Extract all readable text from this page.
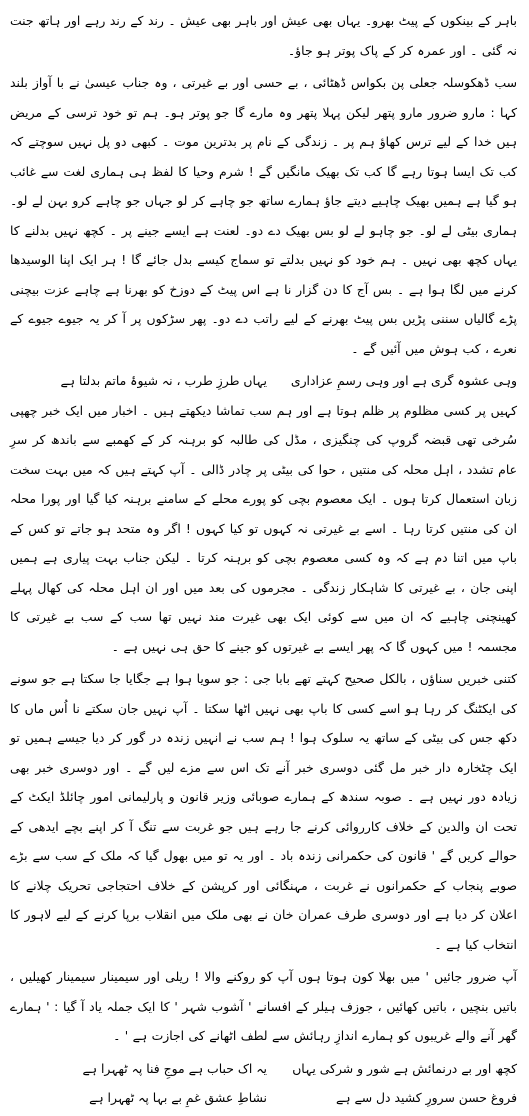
باہر کے بینکوں کے پیٹ بھرو۔ یہاں بھی عیش اور باہر بھی عیش ۔ رند کے رند رہے اور ہاتھ جنت نہ گئی ۔ اور عمرہ کر کے پاک پوتر ہو جاؤ۔

سب ڈھکوسلہ جعلی پن بکواس ڈھٹائی ، بے حسی اور بے غیرتی ، وہ جناب عیسیٰ نے با آواز بلند کہا : مارو ضرور مارو پتھر لیکن پہلا پتھر وہ مارے گا جو پوتر ہو۔ ہم تو خود ترسی کے مریض ہیں خدا کے لیے ترس کھاؤ ہم پر ۔ زندگی کے نام پر بدترین موت ۔ کبھی دو پل نہیں سوچتے کہ کب تک ایسا ہوتا رہے گا کب تک بھیک مانگیں گے ! شرم وحیا کا لفظ ہی ہماری لغت سے غائب ہو گیا ہے ہمیں بھیک چاہیے دیتے جاؤ ہمارے ساتھ جو چاہے کر لو جہاں جو چاہے کرو بہن لے لو۔ ہماری بیٹی لے لو۔ جو چاہو لے لو بس بھیک دے دو۔ لعنت ہے ایسے جینے پر ۔ کچھ نہیں بدلنے کا یہاں کچھ بھی نہیں ۔ ہم خود کو نہیں بدلتے تو سماج کیسے بدل جائے گا ! ہر ایک اپنا الوسیدھا کرنے میں لگا ہوا ہے ۔ بس آج کا دن گزار نا ہے اس پیٹ کے دوزخ کو بھرنا ہے چاہے عزت بیچنی پڑے گالیاں سننی پڑیں بس پیٹ بھرنے کے لیے راتب دے دو۔ پھر سڑکوں پر آ کر یہ جیوے جیوے کے نعرے ، کب ہوش میں آئیں گے ۔

وہی عشوہ گری ہے اور وہی رسمِ عزاداری
یہاں طرزِ طرب ، نہ شیوۂ ماتم بدلتا ہے

کہیں پر کسی مظلوم پر ظلم ہوتا ہے اور ہم سب تماشا دیکھتے ہیں ۔ اخبار میں ایک خبر چھپی سُرخی تھی قبضہ گروپ کی چنگیزی ، مڈل کی طالبہ کو برہنہ کر کے کھمبے سے باندھ کر سرِ عام تشدد ، اہل محلہ کی منتیں ، حوا کی بیٹی پر چادر ڈالی ۔ آپ کہتے ہیں کہ میں بہت سخت زبان استعمال کرتا ہوں ۔ ایک معصوم بچی کو پورے محلے کے سامنے برہنہ کیا گیا اور پورا محلہ ان کی منتیں کرتا رہا ۔ اسے بے غیرتی نہ کہوں تو کیا کہوں ! اگر وہ متحد ہو جاتے تو کس کے باپ میں اتنا دم ہے کہ وہ کسی معصوم بچی کو برہنہ کرتا ۔ لیکن جناب بہت پیاری ہے ہمیں اپنی جان ، بے غیرتی کا شاہکار زندگی ۔ مجرموں کی بعد میں اور ان اہل محلہ کی کھال پہلے کھینچنی چاہیے کہ ان میں سے کوئی ایک بھی غیرت مند نہیں تھا سب کے سب بے غیرتی کا مجسمہ ! میں کہوں گا کہ پھر ایسے بے غیرتوں کو جینے کا حق ہی نہیں ہے ۔

کتنی خبریں سناؤں ، بالکل صحیح کہتے تھے بابا جی : جو سویا ہوا ہے جگایا جا سکتا ہے جو سونے کی ایکٹنگ کر رہا ہو اسے کسی کا باپ بھی نہیں اٹھا سکتا ۔ آپ نہیں جان سکتے نا اُس ماں کا دکھ جس کی بیٹی کے ساتھ یہ سلوک ہوا ! ہم سب نے انہیں زندہ در گور کر دیا جیسے ہمیں تو ایک چٹخارہ دار خبر مل گئی دوسری خبر آنے تک اس سے مزے لیں گے ۔ اور دوسری خبر بھی زیادہ دور نہیں ہے ۔ صوبہ سندھ کے ہمارے صوبائی وزیر قانون و پارلیمانی امور چائلڈ ایکٹ کے تحت ان والدین کے خلاف کارروائی کرنے جا رہے ہیں جو غربت سے تنگ آ کر اپنے بچے ایدھی کے حوالے کریں گے ' قانون کی حکمرانی زندہ باد ۔ اور یہ تو میں بھول گیا کہ ملک کے سب سے بڑے صوبے پنجاب کے حکمرانوں نے غربت ، مہنگائی اور کرپشن کے خلاف احتجاجی تحریک چلانے کا اعلان کر دیا ہے اور دوسری طرف عمران خان نے بھی ملک میں انقلاب برپا کرنے کے لیے لاہور کا انتخاب کیا ہے ۔

آپ ضرور جائیں ' میں بھلا کون ہوتا ہوں آپ کو روکنے والا ! ریلی اور سیمینار سیمینار کھیلیں ، باتیں بنچیں ، باتیں کھائیں ، جوزف ہیلر کے افسانے ' آشوب شہر ' کا ایک جملہ یاد آ گیا : ' ہمارے گھر آنے والے غریبوں کو ہمارے اندازِ رہائش سے لطف اٹھانے کی اجازت ہے ' ۔

کچھ اور بے درنمائش ہے شور و شرکی یہاں
یہ اک حباب ہے موجِ فنا پہ ٹھہرا ہے
فروغ حسن سرورِ کشید دل سے ہے
نشاطِ عشق غمِ بے بہا پہ ٹھہرا ہے
